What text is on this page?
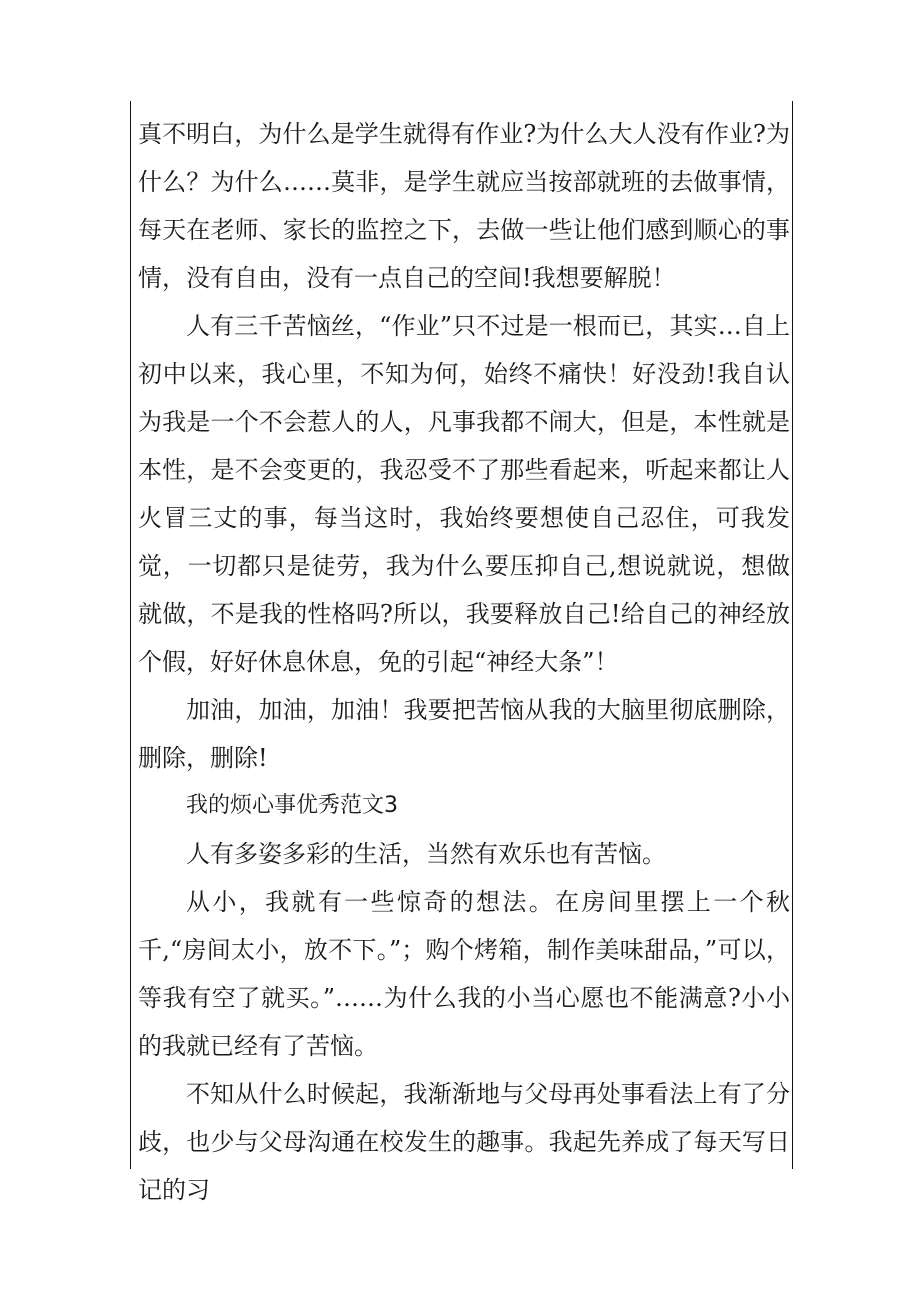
真不明白，为什么是学生就得有作业?为什么大人没有作业?为什么？为什么……莫非，是学生就应当按部就班的去做事情，每天在老师、家长的监控之下，去做一些让他们感到顺心的事情，没有自由，没有一点自己的空间!我想要解脱！

人有三千苦恼丝，“作业”只不过是一根而已，其实…自上初中以来，我心里，不知为何，始终不痛快！好没劲!我自认为我是一个不会惹人的人，凡事我都不闹大，但是，本性就是本性，是不会变更的，我忍受不了那些看起来，听起来都让人火冒三丈的事，每当这时，我始终要想使自己忍住，可我发觉，一切都只是徒劳，我为什么要压抑自己,想说就说，想做就做，不是我的性格吗?所以，我要释放自己!给自己的神经放个假，好好休息休息，免的引起“神经大条”！

加油，加油，加油！我要把苦恼从我的大脑里彻底删除，删除，删除!

我的烦心事优秀范文3

人有多姿多彩的生活，当然有欢乐也有苦恼。

从小，我就有一些惊奇的想法。在房间里摆上一个秋千,“房间太小，放不下。”；购个烤箱，制作美味甜品，”可以，等我有空了就买。”……为什么我的小当心愿也不能满意?小小的我就已经有了苦恼。

不知从什么时候起，我渐渐地与父母再处事看法上有了分歧，也少与父母沟通在校发生的趣事。我起先养成了每天写日记的习
